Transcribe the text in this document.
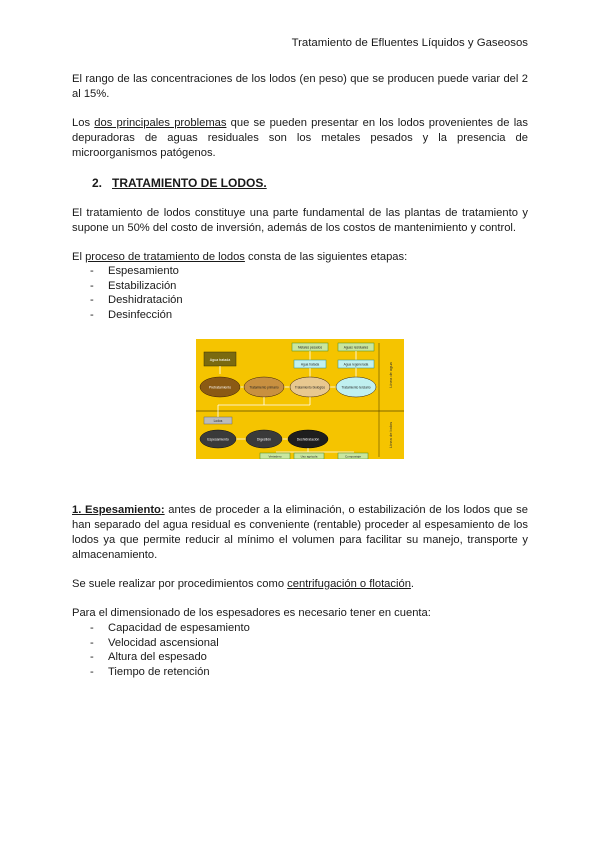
Tratamiento de Efluentes Líquidos y Gaseosos
El rango de las concentraciones de los lodos (en peso) que se producen puede variar del 2 al 15%.
Los dos principales problemas que se pueden presentar en los lodos provenientes de las depuradoras de aguas residuales son los metales pesados y la presencia de microorganismos patógenos.
2. TRATAMIENTO DE LODOS.
El tratamiento de lodos constituye una parte fundamental de las plantas de tratamiento y supone un 50% del costo de inversión, además de los costos de mantenimiento y control.
El proceso de tratamiento de lodos consta de las siguientes etapas:
- Espesamiento
- Estabilización
- Deshidratación
- Desinfección
Línea de agua
Línea de lodos
Agua tratada
Metales pesados	Aguas residuales
Agua tratada	Agua regenerada
Pretratamiento	Tratamiento primario	Tratamiento biológico	Tratamiento terciario
Lodos
Espesamiento	Digestión	Deshidratación
Vertedero	Uso agrícola	Compostaje
1. Espesamiento: antes de proceder a la eliminación, o estabilización de los lodos que se han separado del agua residual es conveniente (rentable) proceder al espesamiento de los lodos ya que permite reducir al mínimo el volumen para facilitar su manejo, transporte y almacenamiento.
Se suele realizar por procedimientos como centrifugación o flotación.
Para el dimensionado de los espesadores es necesario tener en cuenta:
- Capacidad de espesamiento
- Velocidad ascensional
- Altura del espesado
- Tiempo de retención
